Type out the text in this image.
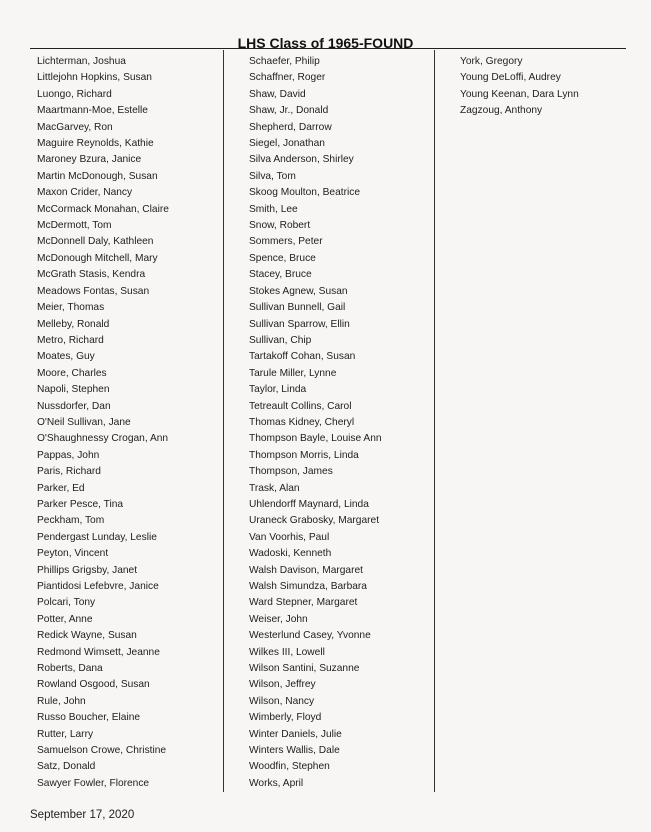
LHS Class of 1965-FOUND
Lichterman, Joshua
Littlejohn Hopkins, Susan
Luongo, Richard
Maartmann-Moe, Estelle
MacGarvey, Ron
Maguire Reynolds, Kathie
Maroney Bzura, Janice
Martin McDonough, Susan
Maxon Crider, Nancy
McCormack Monahan, Claire
McDermott, Tom
McDonnell Daly, Kathleen
McDonough Mitchell, Mary
McGrath Stasis, Kendra
Meadows Fontas, Susan
Meier, Thomas
Melleby, Ronald
Metro, Richard
Moates, Guy
Moore, Charles
Napoli, Stephen
Nussdorfer, Dan
O'Neil Sullivan, Jane
O'Shaughnessy Crogan, Ann
Pappas, John
Paris, Richard
Parker, Ed
Parker Pesce, Tina
Peckham, Tom
Pendergast Lunday, Leslie
Peyton, Vincent
Phillips Grigsby, Janet
Piantidosi Lefebvre, Janice
Polcari, Tony
Potter, Anne
Redick Wayne, Susan
Redmond Wimsett, Jeanne
Roberts, Dana
Rowland Osgood, Susan
Rule, John
Russo Boucher, Elaine
Rutter, Larry
Samuelson Crowe, Christine
Satz, Donald
Sawyer Fowler, Florence
Schaefer, Philip
Schaffner, Roger
Shaw, David
Shaw, Jr., Donald
Shepherd, Darrow
Siegel, Jonathan
Silva Anderson, Shirley
Silva, Tom
Skoog Moulton, Beatrice
Smith, Lee
Snow, Robert
Sommers, Peter
Spence, Bruce
Stacey, Bruce
Stokes Agnew, Susan
Sullivan Bunnell, Gail
Sullivan Sparrow, Ellin
Sullivan, Chip
Tartakoff Cohan, Susan
Tarule Miller, Lynne
Taylor, Linda
Tetreault Collins, Carol
Thomas Kidney, Cheryl
Thompson Bayle, Louise Ann
Thompson Morris, Linda
Thompson, James
Trask, Alan
Uhlendorff Maynard, Linda
Uraneck Grabosky, Margaret
Van Voorhis, Paul
Wadoski, Kenneth
Walsh Davison, Margaret
Walsh Simundza, Barbara
Ward Stepner, Margaret
Weiser, John
Westerlund Casey, Yvonne
Wilkes III, Lowell
Wilson Santini, Suzanne
Wilson, Jeffrey
Wilson, Nancy
Wimberly, Floyd
Winter Daniels, Julie
Winters Wallis, Dale
Woodfin, Stephen
Works, April
York, Gregory
Young DeLoffi, Audrey
Young Keenan, Dara Lynn
Zagzoug, Anthony
September 17, 2020
